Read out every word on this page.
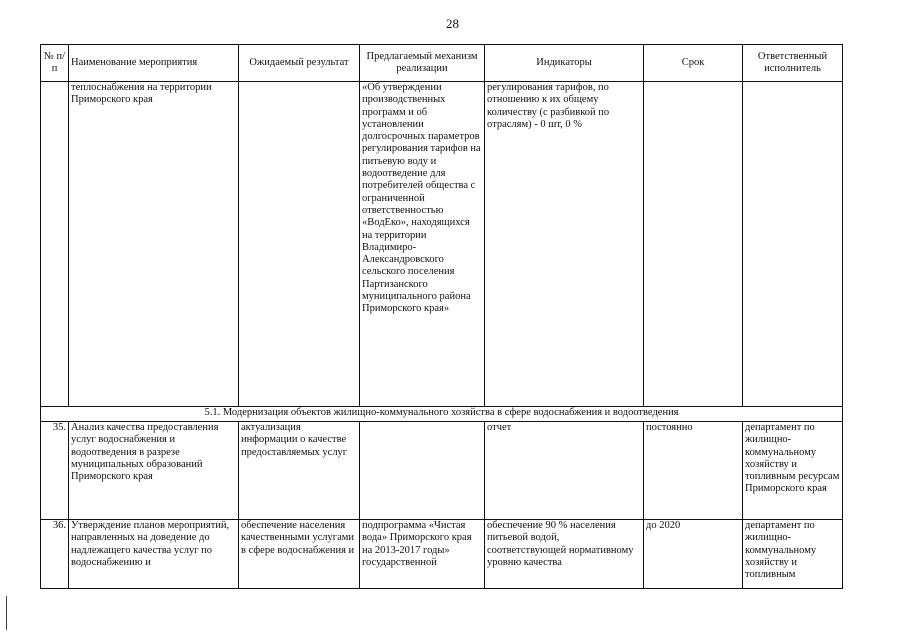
28
№ п/п	Наименование мероприятия	Ожидаемый результат	Предлагаемый механизм реализации	Индикаторы	Срок	Ответственный исполнитель
	теплоснабжения на территории Приморского края		«Об утверждении производственных программ и об установлении долгосрочных параметров регулирования тарифов на питьевую воду и водоотведение для потребителей общества с ограниченной ответственностью «ВодЕко», находящихся на территории Владимиро-Александровского сельского поселения Партизанского муниципального района Приморского края»	регулирования тарифов, по отношению к их общему количеству (с разбивкой по отраслям) - 0 шт, 0 %		
5.1. Модернизация объектов жилищно-коммунального хозяйства в сфере водоснабжения и водоотведения						
35.	Анализ качества предоставления услуг водоснабжения и водоотведения в разрезе муниципальных образований Приморского края	актуализация информации о качестве предоставляемых услуг		отчет	постоянно	департамент по жилищно-коммунальному хозяйству и топливным ресурсам Приморского края
36.	Утверждение планов мероприятий, направленных на доведение до надлежащего качества услуг по водоснабжению и	обеспечение населения качественными услугами в сфере водоснабжения и	подпрограмма «Чистая вода» Приморского края на 2013-2017 годы» государственной	обеспечение 90 % населения питьевой водой, соответствующей нормативному уровню качества	до 2020	департамент по жилищно-коммунальному хозяйству и топливным
